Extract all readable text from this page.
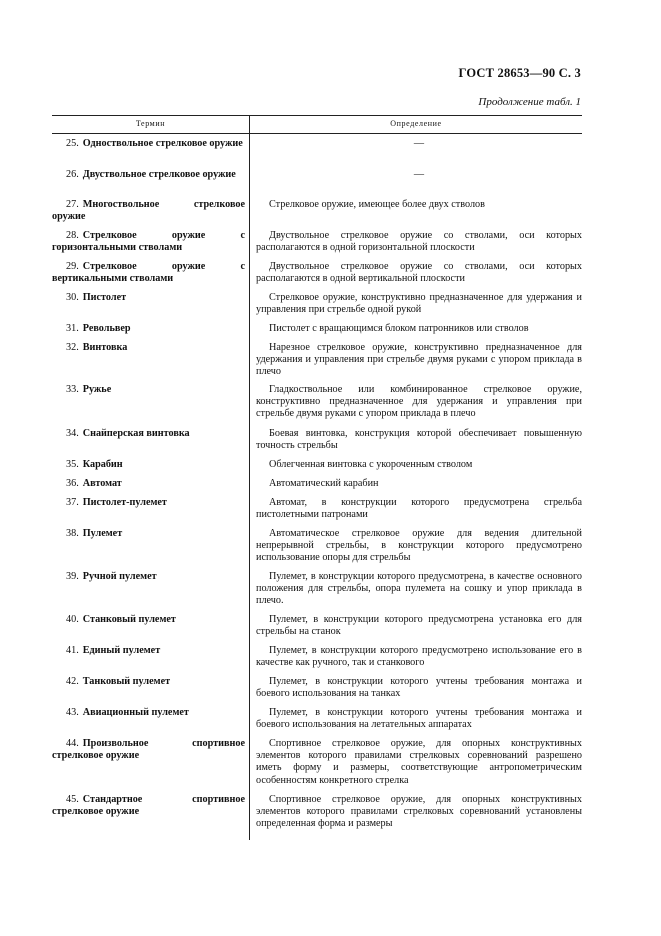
ГОСТ 28653—90 С. 3
Продолжение табл. 1
Термин	Определение
25. Одноствольное стрелковое оружие	—

26. Двуствольное стрелковое оружие	—

27. Многоствольное стрелковое оружие	Стрелковое оружие, имеющее более двух стволов

28. Стрелковое оружие с горизонтальными стволами	Двуствольное стрелковое оружие со стволами, оси которых располагаются в одной горизонтальной плоскости

29. Стрелковое оружие с вертикальными стволами	Двуствольное стрелковое оружие со стволами, оси которых располагаются в одной вертикальной плоскости

30. Пистолет	Стрелковое оружие, конструктивно предназначенное для удержания и управления при стрельбе одной рукой

31. Револьвер	Пистолет с вращающимся блоком патронников или стволов

32. Винтовка	Нарезное стрелковое оружие, конструктивно предназначенное для удержания и управления при стрельбе двумя руками с упором приклада в плечо

33. Ружье	Гладкоствольное или комбинированное стрелковое оружие, конструктивно предназначенное для удержания и управления при стрельбе двумя руками с упором приклада в плечо

34. Снайперская винтовка	Боевая винтовка, конструкция которой обеспечивает повышенную точность стрельбы

35. Карабин	Облегченная винтовка с укороченным стволом

36. Автомат	Автоматический карабин

37. Пистолет-пулемет	Автомат, в конструкции которого предусмотрена стрельба пистолетными патронами

38. Пулемет	Автоматическое стрелковое оружие для ведения длительной непрерывной стрельбы, в конструкции которого предусмотрено использование опоры для стрельбы

39. Ручной пулемет	Пулемет, в конструкции которого предусмотрена, в качестве основного положения для стрельбы, опора пулемета на сошку и упор приклада в плечо.

40. Станковый пулемет	Пулемет, в конструкции которого предусмотрена установка его для стрельбы на станок

41. Единый пулемет	Пулемет, в конструкции которого предусмотрено использование его в качестве как ручного, так и станкового

42. Танковый пулемет	Пулемет, в конструкции которого учтены требования монтажа и боевого использования на танках

43. Авиационный пулемет	Пулемет, в конструкции которого учтены требования монтажа и боевого использования на летательных аппаратах

44. Произвольное спортивное стрелковое оружие	Спортивное стрелковое оружие, для опорных конструктивных элементов которого правилами стрелковых соревнований разрешено иметь форму и размеры, соответствующие антропометрическим особенностям конкретного стрелка

45. Стандартное спортивное стрелковое оружие	Спортивное стрелковое оружие, для опорных конструктивных элементов которого правилами стрелковых соревнований установлены определенная форма и размеры
